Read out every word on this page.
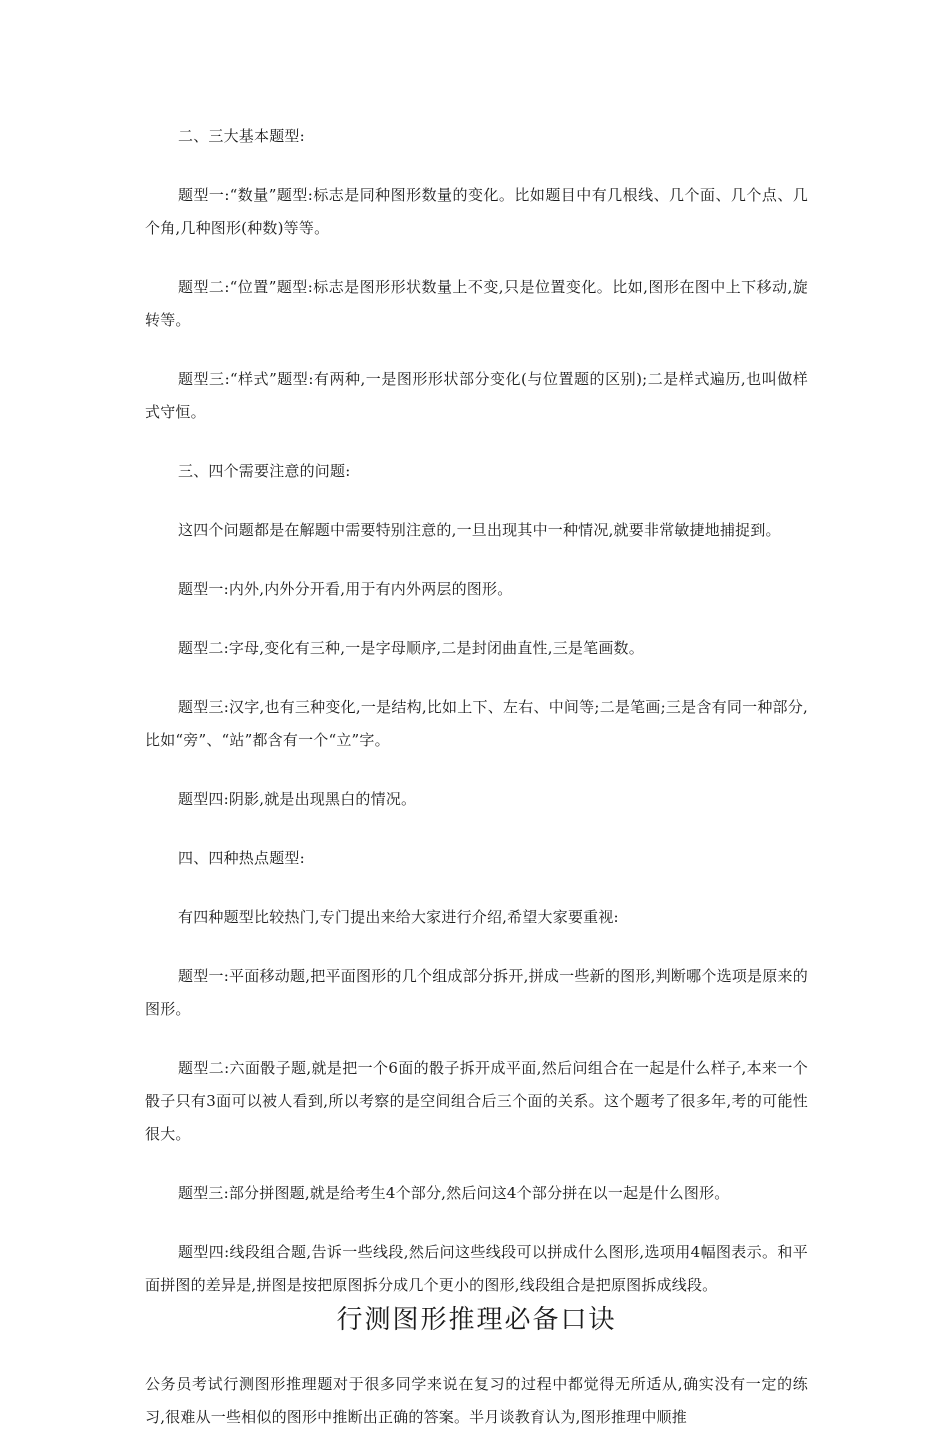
二、三大基本题型:

题型一:“数量”题型:标志是同种图形数量的变化。比如题目中有几根线、几个面、几个点、几个角,几种图形(种数)等等。

题型二:“位置”题型:标志是图形形状数量上不变,只是位置变化。比如,图形在图中上下移动,旋转等。

题型三:“样式”题型:有两种,一是图形形状部分变化(与位置题的区别);二是样式遍历,也叫做样式守恒。

三、四个需要注意的问题:

这四个问题都是在解题中需要特别注意的,一旦出现其中一种情况,就要非常敏捷地捕捉到。

题型一:内外,内外分开看,用于有内外两层的图形。

题型二:字母,变化有三种,一是字母顺序,二是封闭曲直性,三是笔画数。

题型三:汉字,也有三种变化,一是结构,比如上下、左右、中间等;二是笔画;三是含有同一种部分,比如“旁”、“站”都含有一个“立”字。

题型四:阴影,就是出现黑白的情况。

四、四种热点题型:

有四种题型比较热门,专门提出来给大家进行介绍,希望大家要重视:

题型一:平面移动题,把平面图形的几个组成部分拆开,拼成一些新的图形,判断哪个选项是原来的图形。

题型二:六面骰子题,就是把一个6面的骰子拆开成平面,然后问组合在一起是什么样子,本来一个骰子只有3面可以被人看到,所以考察的是空间组合后三个面的关系。这个题考了很多年,考的可能性很大。

题型三:部分拼图题,就是给考生4个部分,然后问这4个部分拼在以一起是什么图形。

题型四:线段组合题,告诉一些线段,然后问这些线段可以拼成什么图形,选项用4幅图表示。和平面拼图的差异是,拼图是按把原图拆分成几个更小的图形,线段组合是把原图拆成线段。

行测图形推理必备口诀

公务员考试行测图形推理题对于很多同学来说在复习的过程中都觉得无所适从,确实没有一定的练习,很难从一些相似的图形中推断出正确的答案。半月谈教育认为,图形推理中顺推
